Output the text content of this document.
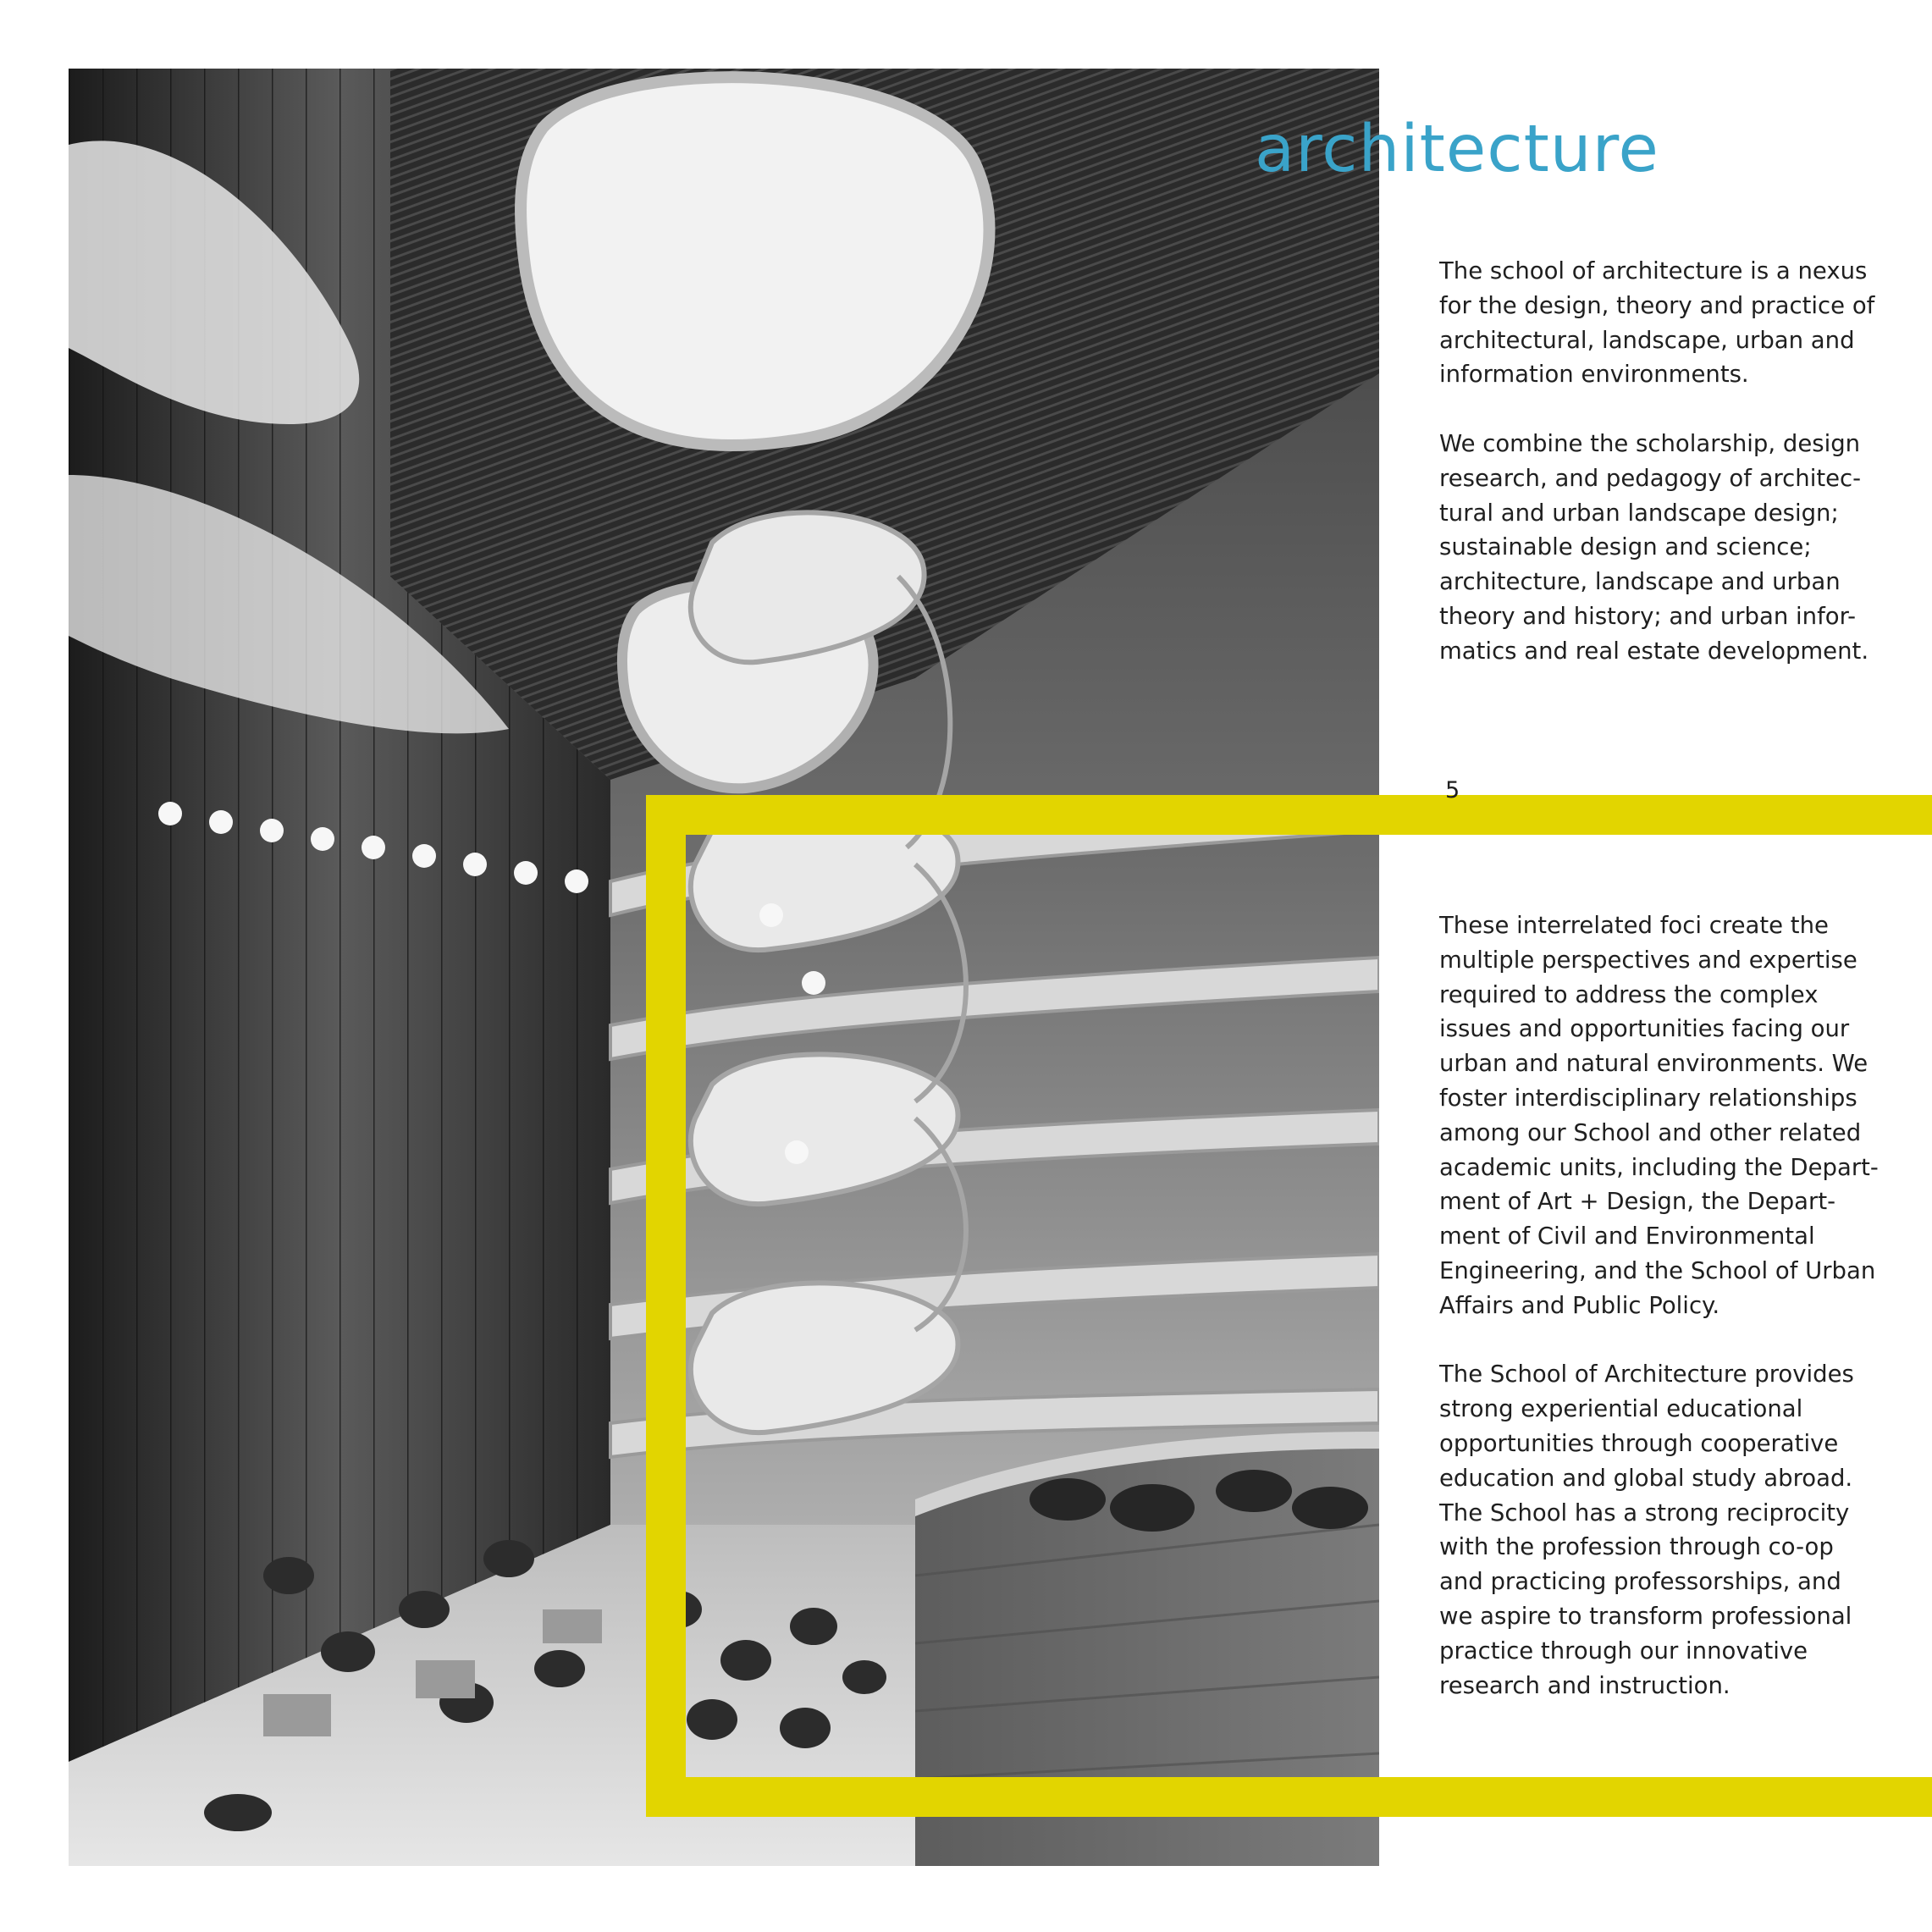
architecture

The school of architecture is a nexus
for the design, theory and practice of
architectural, landscape, urban and
information environments.

We combine the scholarship, design
research, and pedagogy of architec-
tural and urban landscape design;
sustainable design and science;
architecture, landscape and urban
theory and history; and urban infor-
matics and real estate development.

5

These interrelated foci create the
multiple perspectives and expertise
required to address the complex
issues and opportunities facing our
urban and natural environments. We
foster interdisciplinary relationships
among our School and other related
academic units, including the Depart-
ment of Art + Design, the Depart-
ment of Civil and Environmental
Engineering, and the School of Urban
Affairs and Public Policy.

The School of Architecture provides
strong experiential educational
opportunities through cooperative
education and global study abroad.
The School has a strong reciprocity
with the profession through co-op
and practicing professorships, and
we aspire to transform professional
practice through our innovative
research and instruction.
